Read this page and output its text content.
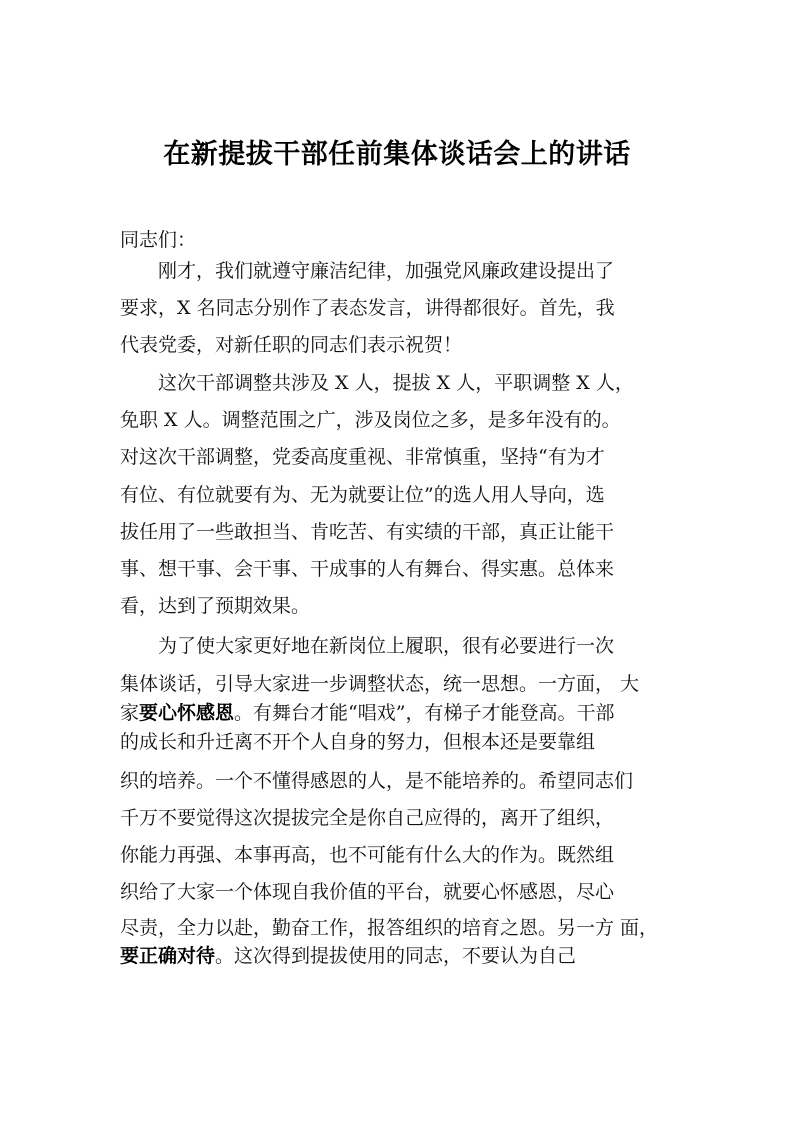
在新提拔干部任前集体谈话会上的讲话
同志们：
刚才，我们就遵守廉洁纪律，加强党风廉政建设提出了
要求，X 名同志分别作了表态发言，讲得都很好。首先，我
代表党委，对新任职的同志们表示祝贺！
这次干部调整共涉及 X 人，提拔 X 人，平职调整 X 人，
免职 X 人。调整范围之广，涉及岗位之多，是多年没有的。
对这次干部调整，党委高度重视、非常慎重，坚持“有为才
有位、有位就要有为、无为就要让位”的选人用人导向，选
拔任用了一些敢担当、肯吃苦、有实绩的干部，真正让能干
事、想干事、会干事、干成事的人有舞台、得实惠。总体来
看，达到了预期效果。
为了使大家更好地在新岗位上履职，很有必要进行一次
集体谈话，引导大家进一步调整状态，统一思想。一方面， 大
家要心怀感恩。有舞台才能“唱戏”，有梯子才能登高。干部
的成长和升迁离不开个人自身的努力，但根本还是要靠组
织的培养。一个不懂得感恩的人，是不能培养的。希望同志们
千万不要觉得这次提拔完全是你自己应得的，离开了组织，
你能力再强、本事再高，也不可能有什么大的作为。既然组
织给了大家一个体现自我价值的平台，就要心怀感恩，尽心
尽责，全力以赴，勤奋工作，报答组织的培育之恩。另一方 面，
要正确对待。这次得到提拔使用的同志，不要认为自己
